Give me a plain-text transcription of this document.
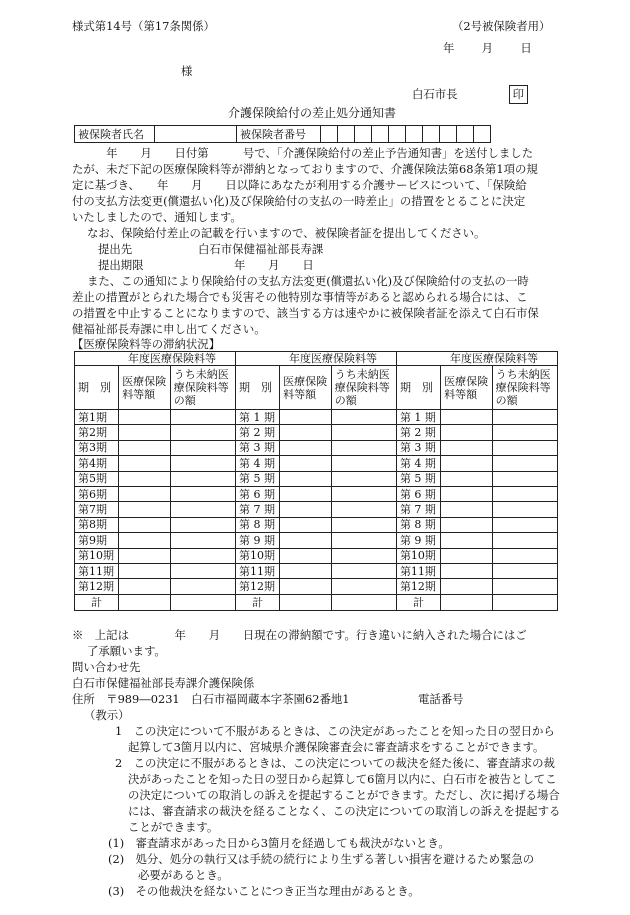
様式第14号（第17条関係）	（2号被保険者用）
年 月 日
様
白石市長	印
介護保険給付の差止処分通知書
被保険者氏名		被保険者番号										
　　　年　　月　　日付第　　　号で、「介護保険給付の差止予告通知書」を送付しました
たが、未だ下記の医療保険料等が滞納となっておりますので、介護保険法第68条第1項の規
定に基づき、　　年　　月　　日以降にあなたが利用する介護サービスについて、「保険給
付の支払方法変更(償還払い化)及び保険給付の支払の一時差止」の措置をとることに決定
いたしましたので、通知します。
なお、保険給付差止の記載を行いますので、被保険者証を提出してください。
提出先	白石市保健福祉部長寿課
提出期限	年　　月　　日
また、この通知により保険給付の支払方法変更(償還払い化)及び保険給付の支払の一時
差止の措置がとられた場合でも災害その他特別な事情等があると認められる場合には、こ
の措置を中止することになりますので、該当する方は速やかに被保険者証を添えて白石市保
健福祉部長寿課に申し出てください。
【医療保険料等の滞納状況】
年度医療保険料等			年度医療保険料等			年度医療保険料等		
期　別	医療保険料等額	うち未納医療保険料等の額	期　別	医療保険料等額	うち未納医療保険料等の額	期　別	医療保険料等額	うち未納医療保険料等の額
第1期			第 1 期			第 1 期		
第2期			第 2 期			第 2 期		
第3期			第 3 期			第 3 期		
第4期			第 4 期			第 4 期		
第5期			第 5 期			第 5 期		
第6期			第 6 期			第 6 期		
第7期			第 7 期			第 7 期		
第8期			第 8 期			第 8 期		
第9期			第 9 期			第 9 期		
第10期			第10期			第10期		
第11期			第11期			第11期		
第12期			第12期			第12期		
計			計			計		
※　上記は　　　　年　　月　　日現在の滞納額です。行き違いに納入された場合にはご
了承願います。
問い合わせ先
白石市保健福祉部長寿課介護保険係
住所　〒989―0231　白石市福岡蔵本字茶園62番地1	電話番号
（教示）
1　この決定について不服があるときは、この決定があったことを知った日の翌日から
起算して3箇月以内に、宮城県介護保険審査会に審査請求をすることができます。
2　この決定に不服があるときは、この決定についての裁決を経た後に、審査請求の裁
決があったことを知った日の翌日から起算して6箇月以内に、白石市を被告としてこ
の決定についての取消しの訴えを提起することができます。ただし、次に掲げる場合
には、審査請求の裁決を経ることなく、この決定についての取消しの訴えを提起する
ことができます。
(1)　審査請求があった日から3箇月を経過しても裁決がないとき。
(2)　処分、処分の執行又は手続の続行により生ずる著しい損害を避けるため緊急の
必要があるとき。
(3)　その他裁決を経ないことにつき正当な理由があるとき。
